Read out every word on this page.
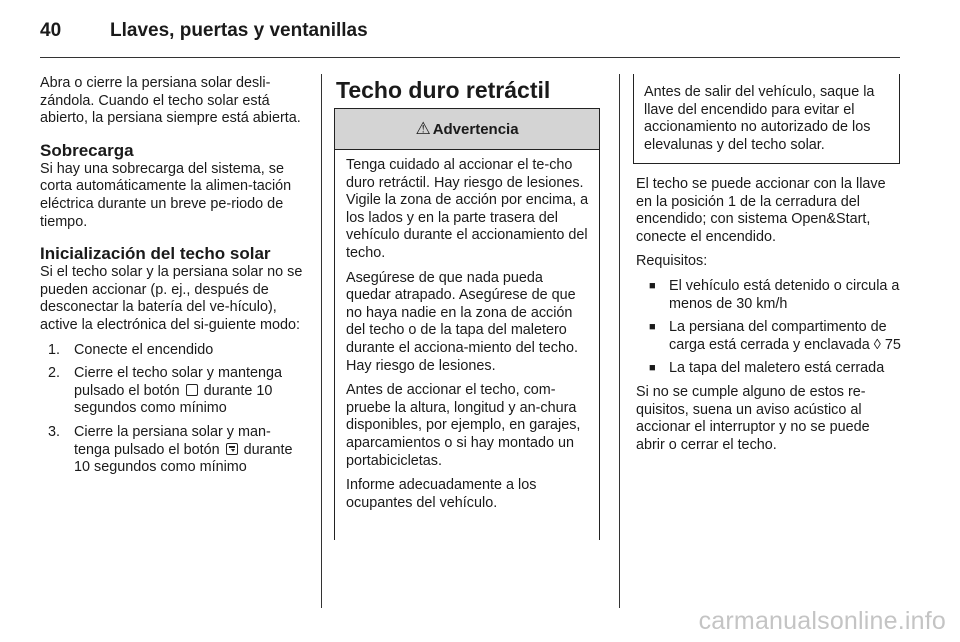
40	Llaves, puertas y ventanillas

Abra o cierre la persiana solar desli-zándola. Cuando el techo solar está abierto, la persiana siempre está abierta.

Sobrecarga

Si hay una sobrecarga del sistema, se corta automáticamente la alimen-tación eléctrica durante un breve pe-riodo de tiempo.

Inicialización del techo solar

Si el techo solar y la persiana solar no se pueden accionar (p. ej., después de desconectar la batería del ve-hículo), active la electrónica del si-guiente modo:

1. Conecte el encendido
2. Cierre el techo solar y mantenga pulsado el botón durante 10 segundos como mínimo
3. Cierre la persiana solar y man-tenga pulsado el botón durante 10 segundos como mínimo
Techo duro retráctil
⚠ Advertencia

Tenga cuidado al accionar el te-cho duro retráctil. Hay riesgo de lesiones. Vigile la zona de acción por encima, a los lados y en la parte trasera del vehículo durante el accionamiento del techo.

Asegúrese de que nada pueda quedar atrapado. Asegúrese de que no haya nadie en la zona de acción del techo o de la tapa del maletero durante el acciona-miento del techo. Hay riesgo de lesiones.

Antes de accionar el techo, com-pruebe la altura, longitud y an-chura disponibles, por ejemplo, en garajes, aparcamientos o si hay montado un portabicicletas.

Informe adecuadamente a los ocupantes del vehículo.

Antes de salir del vehículo, saque la llave del encendido para evitar el accionamiento no autorizado de los elevalunas y del techo solar.

El techo se puede accionar con la llave en la posición 1 de la cerradura del encendido; con sistema Open&Start, conecte el encendido.

Requisitos:

■ El vehículo está detenido o circula a menos de 30 km/h
■ La persiana del compartimento de carga está cerrada y enclavada ◊ 75
■ La tapa del maletero está cerrada

Si no se cumple alguno de estos re-quisitos, suena un aviso acústico al accionar el interruptor y no se puede abrir o cerrar el techo.

carmanualsonline.info
